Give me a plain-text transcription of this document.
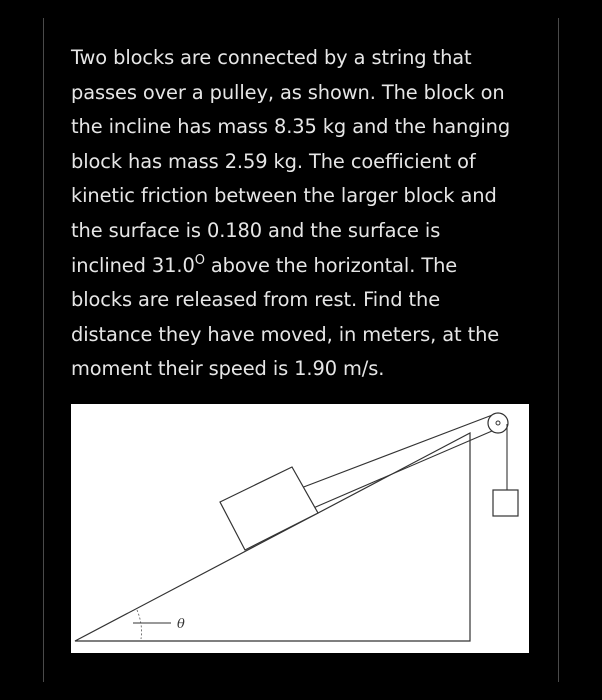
Two blocks are connected by a string that
passes over a pulley, as shown. The block on
the incline has mass 8.35 kg and the hanging
block has mass 2.59 kg. The coefficient of
kinetic friction between the larger block and
the surface is 0.180 and the surface is
inclined $31.0^O$ above the horizontal. The
blocks are released from rest. Find the
distance they have moved, in meters, at the
moment their speed is 1.90 m/s.

θ
